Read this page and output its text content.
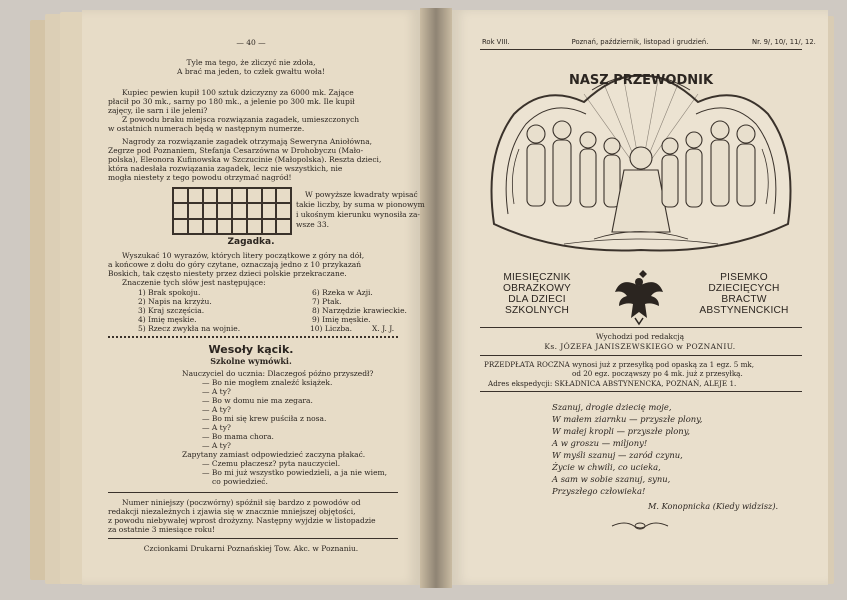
— 40 —
Tyle ma tego, że zliczyć nie zdoła,
A brać ma jeden, to człek gwałtu woła!
Kupiec pewien kupił 100 sztuk dziczyzny za 6000 mk. Zające
płacił po 30 mk., sarny po 180 mk., a jelenie po 300 mk. Ile kupił
zajęcy, ile sarn i ile jeleni?
Z powodu braku miejsca rozwiązania zagadek, umieszczonych
w ostatnich numerach będą w następnym numerze.
Nagrody za rozwiązanie zagadek otrzymają Seweryna Aniołówna,
Zegrze pod Poznaniem, Stefanja Cesarzówna w Drohobyczu (Mało-
polska), Eleonora Kufinowska w Szczucinie (Małopolska). Reszta dzieci,
która nadesłała rozwiązania zagadek, lecz nie wszystkich, nie
mogła niestety z tego powodu otrzymać nagród!
W powyższe kwadraty wpisać
takie liczby, by suma w pionowym
i ukośnym kierunku wynosiła za-
wsze 33.
Zagadka.
Wyszukać 10 wyrazów, których litery początkowe z góry na dół,
a końcowe z dołu do góry czytane, oznaczają jedno z 10 przykazań
Boskich, tak często niestety przez dzieci polskie przekraczane.
Znaczenie tych słów jest następujące:
1) Brak spokoju.
2) Napis na krzyżu.
3) Kraj szczęścia.
4) Imię męskie.
5) Rzecz zwykła na wojnie.
6) Rzeka w Azji.
7) Ptak.
8) Narzędzie krawieckie.
9) Imię męskie.
10) Liczba.	X. J. J.
Wesoły kącik.
Szkolne wymówki.
Nauczyciel do ucznia: Dlaczegoś późno przyszedł?
— Bo nie mogłem znaleźć książek.
— A ty?
— Bo w domu nie ma zegara.
— A ty?
— Bo mi się krew puściła z nosa.
— A ty?
— Bo mama chora.
— A ty?
Zapytany zamiast odpowiedzieć zaczyna płakać.
— Czemu płaczesz? pyta nauczyciel.
— Bo mi już wszystko powiedzieli, a ja nie wiem,
co powiedzieć.
Numer niniejszy (poczwórny) spóźnił się bardzo z powodów od
redakcji niezależnych i zjawia się w znacznie mniejszej objętości,
z powodu niebywałej wprost drożyzny. Następny wyjdzie w listopadzie
za ostatnie 3 miesiące roku!
Czcionkami Drukarni Poznańskiej Tow. Akc. w Poznaniu.
Rok VIII.	Poznań, październik, listopad i grudzień.	Nr. 9/, 10/, 11/, 12.
NASZ PRZEWODNIK
MIESIĘCZNIK
OBRAZKOWY
DLA DZIECI
SZKOLNYCH
PISEMKO
DZIECIĘCYCH
BRACTW
ABSTYNENCKICH
Wychodzi pod redakcją
Ks. JÓZEFA JANISZEWSKIEGO w POZNANIU.
PRZEDPŁATA ROCZNA wynosi już z przesyłką pod opaską za 1 egz. 5 mk,
od 20 egz. począwszy po 4 mk. już z przesyłką.
Adres ekspedycji: SKŁADNICA ABSTYNENCKA, POZNAŃ, ALEJE 1.
Szanuj, drogie dziecię moje,
W małem ziarnku — przyszłe plony,
W małej kropli — przyszłe plony,
A w groszu — miljony!
W myśli szanuj — zaród czynu,
Życie w chwili, co ucieka,
A sam w sobie szanuj, synu,
Przyszłego człowieka!
M. Konopnicka (Kiedy widzisz).
